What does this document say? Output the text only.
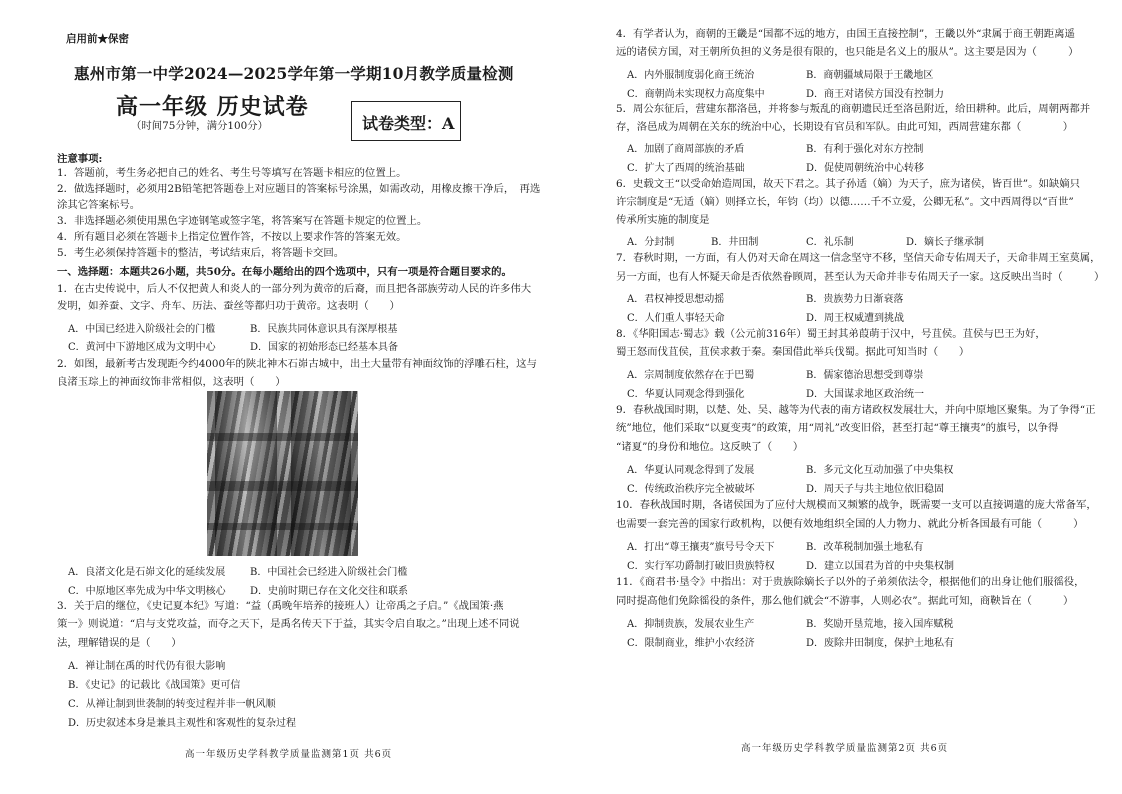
启用前★保密
惠州市第一中学2024—2025学年第一学期10月教学质量检测
高一年级 历史试卷
（时间75分钟，满分100分）	试卷类型：A
注意事项:
1．答题前，考生务必把自己的姓名、考生号等填写在答题卡相应的位置上。
2．做选择题时，必须用2B铅笔把答题卷上对应题目的答案标号涂黑，如需改动，用橡皮擦干净后，　再选
涂其它答案标号。
3．非选择题必须使用黑色字迹钢笔或签字笔，将答案写在答题卡规定的位置上。
4．所有题目必须在答题卡上指定位置作答，不按以上要求作答的答案无效。
5．考生必须保持答题卡的整洁，考试结束后，将答题卡交回。
一、选择题：本题共26小题，共50分。在每小题给出的四个选项中，只有一项是符合题目要求的。
1．在古史传说中，后人不仅把黄人和炎人的一部分列为黄帝的后裔，而且把各部族劳动人民的许多伟大
发明，如养蚕、文字、舟车、历法、蚕丝等都归功于黄帝。这表明（　　）
A．中国已经进入阶级社会的门槛	B．民族共同体意识具有深厚根基
C．黄河中下游地区成为文明中心	D．国家的初始形态已经基本具备
2．如图，最新考古发现距今约4000年的陕北神木石峁古城中，出土大量带有神面纹饰的浮雕石柱，这与
良渚玉琮上的神面纹饰非常相似，这表明（　　）
A．良渚文化是石峁文化的延续发展 B．中国社会已经进入阶级社会门槛
C．中原地区率先成为中华文明核心 D．史前时期已存在文化交往和联系
3．关于启的继位，《史记夏本纪》写道：“益（禹晚年培养的接班人）让帝禹之子启。”《战国策·燕
策一》则说道：“启与支党攻益，而夺之天下，是禹名传天下于益，其实令启自取之。”出现上述不同说
法，理解错误的是（　　）
A．禅让制在禹的时代仍有很大影响
B．《史记》的记载比《战国策》更可信
C．从禅让制到世袭制的转变过程并非一帆风顺
D．历史叙述本身是兼具主观性和客观性的复杂过程
高一年级历史学科教学质量监测第1页 共6页
4．有学者认为，商朝的王畿是“国都不远的地方，由国王直接控制”，王畿以外“隶属于商王朝距离遥
远的诸侯方国，对王朝所负担的义务是很有限的，也只能是名义上的服从”。这主要是因为（　　　）
A．内外服制度弱化商王统治	B．商朝疆域局限于王畿地区
C．商朝尚未实现权力高度集中	D．商王对诸侯方国没有控制力
5．周公东征后，营建东都洛邑，并将参与叛乱的商朝遗民迁至洛邑附近，给田耕种。此后，周朝两都并
存，洛邑成为周朝在关东的统治中心，长期设有官员和军队。由此可知，西周营建东都（　　　　）
A．加剧了商周部族的矛盾	B．有利于强化对东方控制
C．扩大了西周的统治基础	D．促使周朝统治中心转移
6．史载文王“以受命始造周国，故天下君之。其子孙适（嫡）为天子，庶为诸侯，皆百世”。如缺嫡只
许宗制度是“无适（嫡）则择立长，年钧（均）以德……千不立爱，公卿无私”。文中西周得以“百世”
传承所实施的制度是
A．分封制	B．井田制	C．礼乐制	D．嫡长子继承制
7．春秋时期，一方面，有人仍对天命在周这一信念坚守不移，坚信天命专佑周天子，天命非周王室莫属，
另一方面，也有人怀疑天命是否依然眷顾周，甚至认为天命并非专佑周天子一家。这反映出当时（　　　）
A．君权神授思想动摇	B．贵族势力日渐衰落
C．人们重人事轻天命	D．周王权威遭到挑战
8．《华阳国志·蜀志》载（公元前316年）蜀王封其弟葭萌于汉中，号苴侯。苴侯与巴王为好，
蜀王怒而伐苴侯，苴侯求救于秦。秦国借此举兵伐蜀。据此可知当时（　　）
A．宗周制度依然存在于巴蜀	B．儒家德治思想受到尊崇
C．华夏认同观念得到强化	D．大国谋求地区政治统一
9．春秋战国时期，以楚、处、吴、越等为代表的南方诸政权发展壮大，并向中原地区聚集。为了争得“正
统”地位，他们采取“以夏变夷”的政策，用“周礼”改变旧俗，甚至打起“尊王攘夷”的旗号，以争得
“诸夏”的身份和地位。这反映了（　　）
A．华夏认同观念得到了发展	B．多元文化互动加强了中央集权
C．传统政治秩序完全被破坏	D．周天子与共主地位依旧稳固
10．春秋战国时期，各诸侯国为了应付大规模而又频繁的战争，既需要一支可以直接调遣的庞大常备军，
也需要一套完善的国家行政机构，以便有效地组织全国的人力物力、就此分析各国最有可能（　　　）
A．打出“尊王攘夷”旗号号令天下	B．改革税制加强土地私有
C．实行军功爵制打破旧贵族特权	D．建立以国君为首的中央集权制
11．《商君书·垦令》中指出：对于贵族除嫡长子以外的子弟须依法令，根据他们的出身让他们服徭役，
同时提高他们免除徭役的条件，那么他们就会“不游事，人则必农”。据此可知，商鞅旨在（　　　）
A．抑制贵族，发展农业生产	B．奖励开垦荒地，接入国库赋税
C．限制商业，维护小农经济	D．废除井田制度，保护土地私有
高一年级历史学科教学质量监测第2页 共6页
